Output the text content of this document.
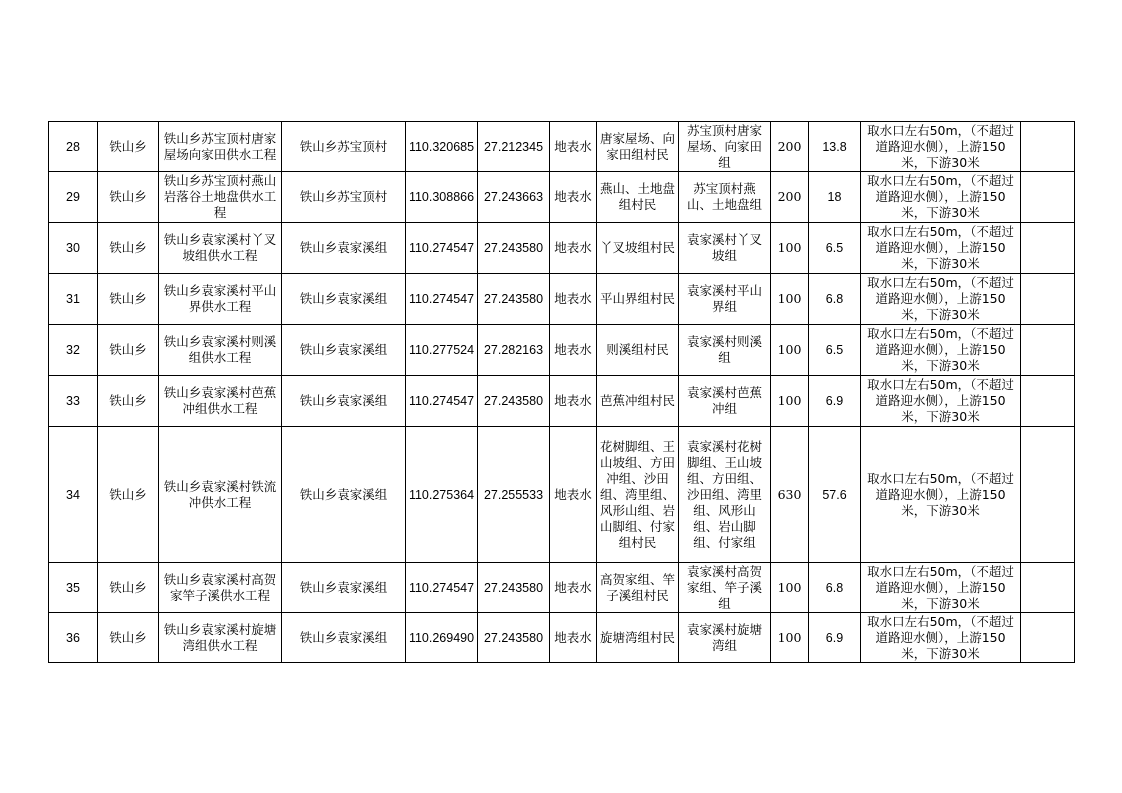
28	铁山乡	铁山乡苏宝顶村唐家屋场向家田供水工程	铁山乡苏宝顶村	110.320685	27.212345	地表水	唐家屋场、向家田组村民	苏宝顶村唐家屋场、向家田组	200	13.8	取水口左右50m，（不超过道路迎水侧），上游150米，下游30米	
29	铁山乡	铁山乡苏宝顶村燕山岩落谷土地盘供水工程	铁山乡苏宝顶村	110.308866	27.243663	地表水	燕山、土地盘组村民	苏宝顶村燕山、土地盘组	200	18	取水口左右50m，（不超过道路迎水侧），上游150米，下游30米	
30	铁山乡	铁山乡袁家溪村丫叉坡组供水工程	铁山乡袁家溪组	110.274547	27.243580	地表水	丫叉坡组村民	袁家溪村丫叉坡组	100	6.5	取水口左右50m，（不超过道路迎水侧），上游150米，下游30米	
31	铁山乡	铁山乡袁家溪村平山界供水工程	铁山乡袁家溪组	110.274547	27.243580	地表水	平山界组村民	袁家溪村平山界组	100	6.8	取水口左右50m，（不超过道路迎水侧），上游150米，下游30米	
32	铁山乡	铁山乡袁家溪村则溪组供水工程	铁山乡袁家溪组	110.277524	27.282163	地表水	则溪组村民	袁家溪村则溪组	100	6.5	取水口左右50m，（不超过道路迎水侧），上游150米，下游30米	
33	铁山乡	铁山乡袁家溪村芭蕉冲组供水工程	铁山乡袁家溪组	110.274547	27.243580	地表水	芭蕉冲组村民	袁家溪村芭蕉冲组	100	6.9	取水口左右50m，（不超过道路迎水侧），上游150米，下游30米	
34	铁山乡	铁山乡袁家溪村铁流冲供水工程	铁山乡袁家溪组	110.275364	27.255533	地表水	花树脚组、王山坡组、方田冲组、沙田组、湾里组、风形山组、岩山脚组、付家组村民	袁家溪村花树脚组、王山坡组、方田组、沙田组、湾里组、风形山组、岩山脚组、付家组	630	57.6	取水口左右50m，（不超过道路迎水侧），上游150米，下游30米	
35	铁山乡	铁山乡袁家溪村高贺家竿子溪供水工程	铁山乡袁家溪组	110.274547	27.243580	地表水	高贺家组、竿子溪组村民	袁家溪村高贺家组、竿子溪组	100	6.8	取水口左右50m，（不超过道路迎水侧），上游150米，下游30米	
36	铁山乡	铁山乡袁家溪村旋塘湾组供水工程	铁山乡袁家溪组	110.269490	27.243580	地表水	旋塘湾组村民	袁家溪村旋塘湾组	100	6.9	取水口左右50m，（不超过道路迎水侧），上游150米，下游30米	
